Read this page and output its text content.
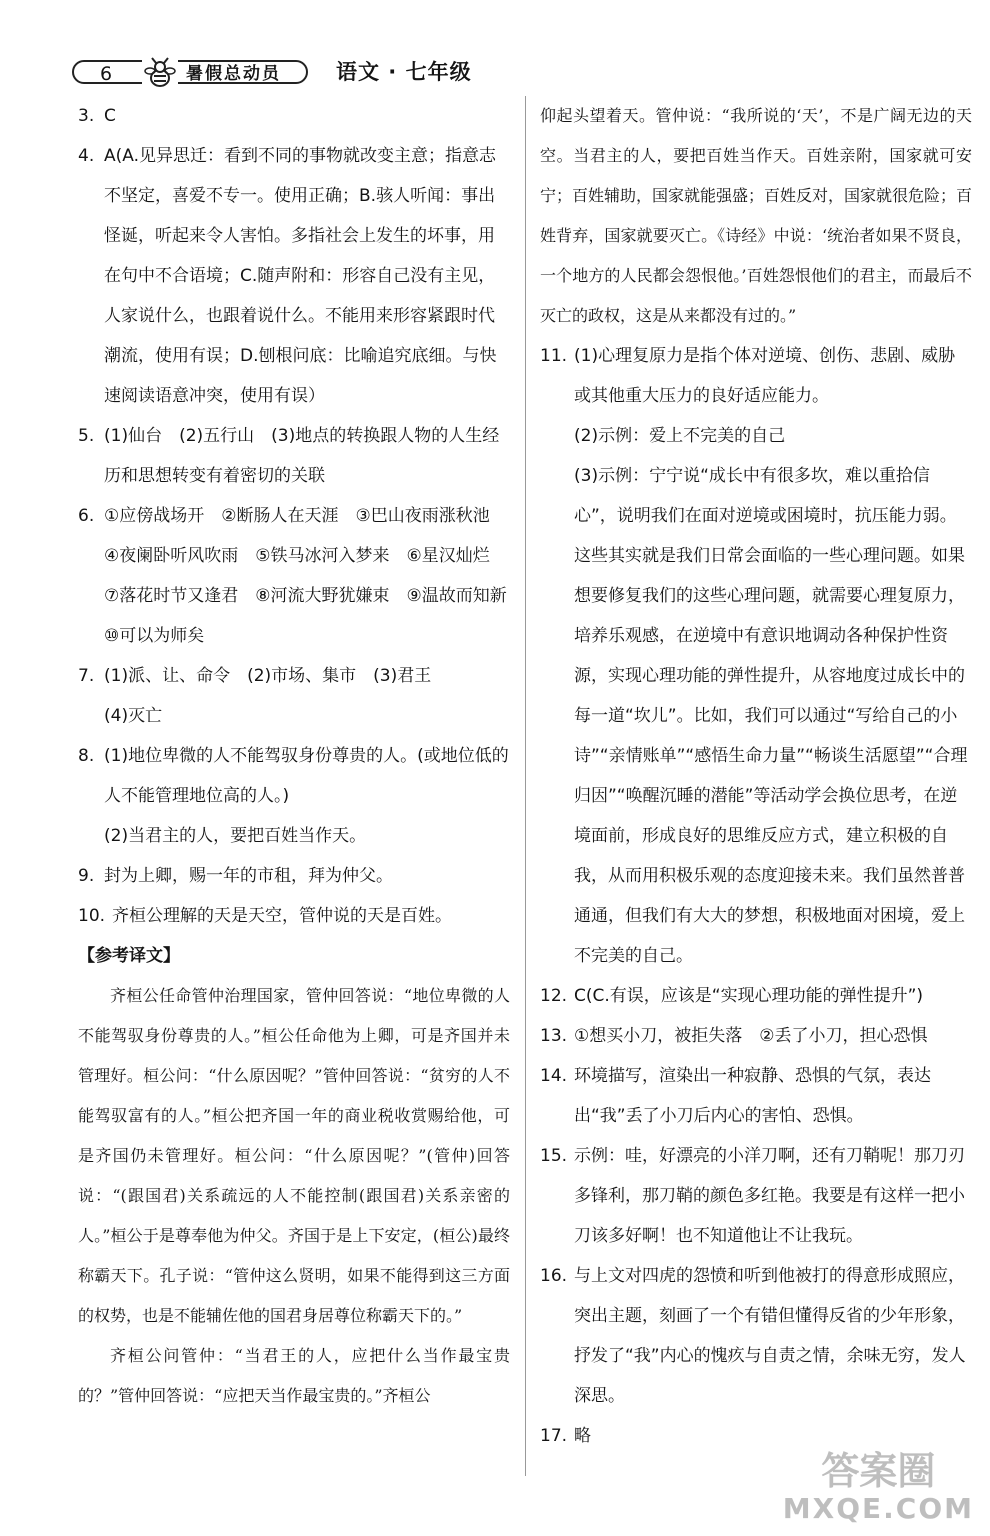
6	暑假总动员	语文 · 七年级
3. C
4. A(A.见异思迁：看到不同的事物就改变主意；指意志不坚定，喜爱不专一。使用正确；B.骇人听闻：事出怪诞，听起来令人害怕。多指社会上发生的坏事，用在句中不合语境；C.随声附和：形容自己没有主见，人家说什么，也跟着说什么。不能用来形容紧跟时代潮流，使用有误；D.刨根问底：比喻追究底细。与快速阅读语意冲突，使用有误）
5. (1)仙台　(2)五行山　(3)地点的转换跟人物的人生经历和思想转变有着密切的关联
6. ①应傍战场开　②断肠人在天涯　③巴山夜雨涨秋池　④夜阑卧听风吹雨　⑤铁马冰河入梦来　⑥星汉灿烂　⑦落花时节又逢君　⑧河流大野犹嫌束　⑨温故而知新　⑩可以为师矣
7. (1)派、让、命令　(2)市场、集市　(3)君王
(4)灭亡
8. (1)地位卑微的人不能驾驭身份尊贵的人。(或地位低的人不能管理地位高的人。)
(2)当君主的人，要把百姓当作天。
9. 封为上卿，赐一年的市租，拜为仲父。
10. 齐桓公理解的天是天空，管仲说的天是百姓。
【参考译文】

齐桓公任命管仲治理国家，管仲回答说：“地位卑微的人不能驾驭身份尊贵的人。”桓公任命他为上卿，可是齐国并未管理好。桓公问：“什么原因呢？”管仲回答说：“贫穷的人不能驾驭富有的人。”桓公把齐国一年的商业税收赏赐给他，可是齐国仍未管理好。桓公问：“什么原因呢？”(管仲)回答说：“(跟国君)关系疏远的人不能控制(跟国君)关系亲密的人。”桓公于是尊奉他为仲父。齐国于是上下安定，(桓公)最终称霸天下。孔子说：“管仲这么贤明，如果不能得到这三方面的权势，也是不能辅佐他的国君身居尊位称霸天下的。”

齐桓公问管仲：“当君王的人，应把什么当作最宝贵的？”管仲回答说：“应把天当作最宝贵的。”齐桓公

仰起头望着天。管仲说：“我所说的‘天’，不是广阔无边的天空。当君主的人，要把百姓当作天。百姓亲附，国家就可安宁；百姓辅助，国家就能强盛；百姓反对，国家就很危险；百姓背弃，国家就要灭亡。《诗经》中说：‘统治者如果不贤良，一个地方的人民都会怨恨他。’百姓怨恨他们的君主，而最后不灭亡的政权，这是从来都没有过的。”

11. (1)心理复原力是指个体对逆境、创伤、悲剧、威胁或其他重大压力的良好适应能力。
(2)示例：爱上不完美的自己
(3)示例：宁宁说“成长中有很多坎，难以重拾信心”，说明我们在面对逆境或困境时，抗压能力弱。这些其实就是我们日常会面临的一些心理问题。如果想要修复我们的这些心理问题，就需要心理复原力，培养乐观感，在逆境中有意识地调动各种保护性资源，实现心理功能的弹性提升，从容地度过成长中的每一道“坎儿”。比如，我们可以通过“写给自己的小诗”“亲情账单”“感悟生命力量”“畅谈生活愿望”“合理归因”“唤醒沉睡的潜能”等活动学会换位思考，在逆境面前，形成良好的思维反应方式，建立积极的自我，从而用积极乐观的态度迎接未来。我们虽然普普通通，但我们有大大的梦想，积极地面对困境，爱上不完美的自己。
12. C(C.有误，应该是“实现心理功能的弹性提升”)
13. ①想买小刀，被拒失落　②丢了小刀，担心恐惧
14. 环境描写，渲染出一种寂静、恐惧的气氛，表达出“我”丢了小刀后内心的害怕、恐惧。
15. 示例：哇，好漂亮的小洋刀啊，还有刀鞘呢！那刀刃多锋利，那刀鞘的颜色多红艳。我要是有这样一把小刀该多好啊！也不知道他让不让我玩。
16. 与上文对四虎的怨愤和听到他被打的得意形成照应，突出主题，刻画了一个有错但懂得反省的少年形象，抒发了“我”内心的愧疚与自责之情，余味无穷，发人深思。
17. 略
答案圈
MXQE.COM
